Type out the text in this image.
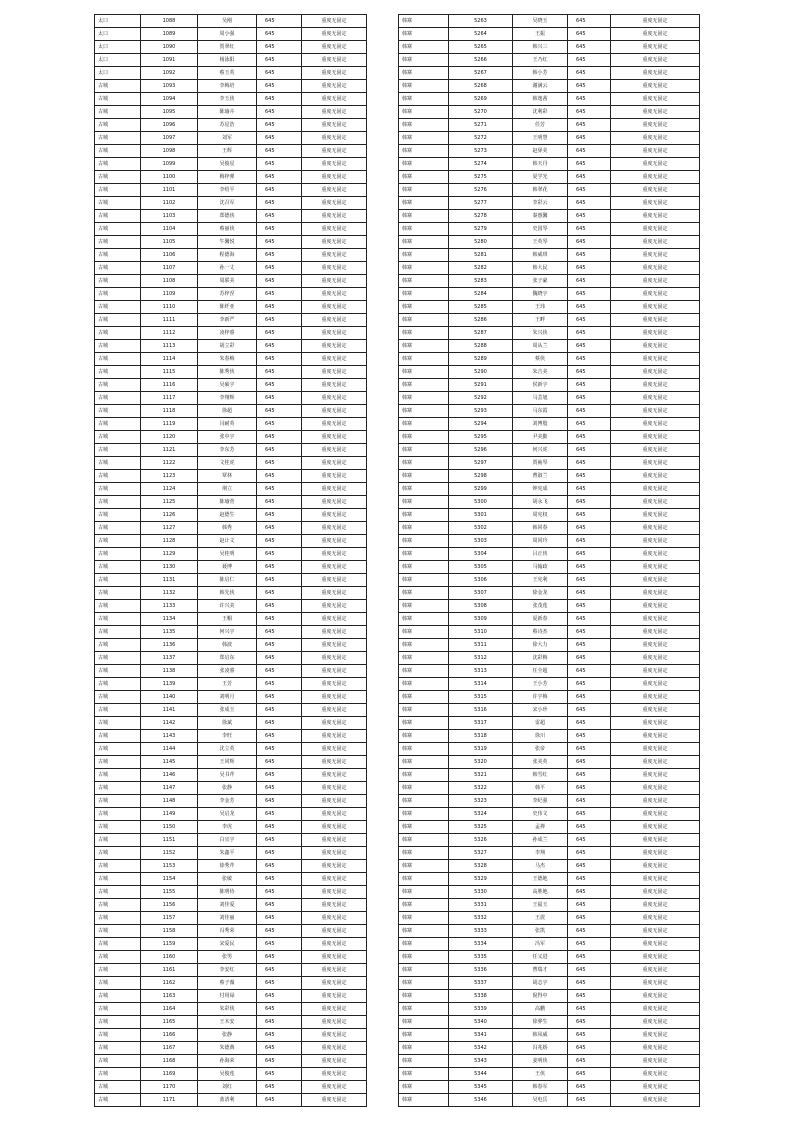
太口	1088	吴刚	645	重度无固定
太口	1089	周小强	645	重度无固定
太口	1090	贺翠红	645	重度无固定
太口	1091	杨泳阳	645	重度无固定
太口	1092	蔡玉英	645	重度无固定
古城	1093	李梅培	645	重度无固定
古城	1094	李玉侠	645	重度无固定
古城	1095	陈瑜卉	645	重度无固定
古城	1096	苏星浩	645	重度无固定
古城	1097	刘军	645	重度无固定
古城	1098	王辉	645	重度无固定
古城	1099	吴俊星	645	重度无固定
古城	1100	梅梓弹	645	重度无固定
古城	1101	李绍平	645	重度无固定
古城	1102	沈召军	645	重度无固定
古城	1103	郑德侠	645	重度无固定
古城	1104	蔡丽侠	645	重度无固定
古城	1105	牛馨悦	645	重度无固定
古城	1106	程德海	645	重度无固定
古城	1107	孙一丈	645	重度无固定
古城	1108	周联美	645	重度无固定
古城	1109	苏梓涅	645	重度无固定
古城	1110	陈纤亚	645	重度无固定
古城	1111	李新严	645	重度无固定
古城	1112	凌梓睿	645	重度无固定
古城	1113	胡立彩	645	重度无固定
古城	1114	朱春梅	645	重度无固定
古城	1115	陈秀侠	645	重度无固定
古城	1116	吴硕宇	645	重度无固定
古城	1117	李翔辉	645	重度无固定
古城	1118	徐超	645	重度无固定
古城	1119	闫耐英	645	重度无固定
古城	1120	张中宇	645	重度无固定
古城	1121	李东芳	645	重度无固定
古城	1122	文桂虎	645	重度无固定
古城	1123	覃林	645	重度无固定
古城	1124	荆立	645	重度无固定
古城	1125	陈瑜萱	645	重度无固定
古城	1126	赵德生	645	重度无固定
古城	1127	韩秀	645	重度无固定
古城	1128	赵计文	645	重度无固定
古城	1129	吴桂明	645	重度无固定
古城	1130	聂博	645	重度无固定
古城	1131	陈启仁	645	重度无固定
古城	1132	韩先侠	645	重度无固定
古城	1133	许兴美	645	重度无固定
古城	1134	王帽	645	重度无固定
古城	1135	何兴宇	645	重度无固定
古城	1136	韩波	645	重度无固定
古城	1137	郑启东	645	重度无固定
古城	1138	张凌睿	645	重度无固定
古城	1139	王芳	645	重度无固定
古城	1140	刘明月	645	重度无固定
古城	1141	张成玉	645	重度无固定
古城	1142	徐斌	645	重度无固定
古城	1143	李旺	645	重度无固定
古城	1144	沈立英	645	重度无固定
古城	1145	王同辉	645	重度无固定
古城	1146	吴书芹	645	重度无固定
古城	1147	张静	645	重度无固定
古城	1148	李金芳	645	重度无固定
古城	1149	吴启龙	645	重度无固定
古城	1150	李虎	645	重度无固定
古城	1151	白宜宇	645	重度无固定
古城	1152	朱鑫平	645	重度无固定
古城	1153	徐秀芹	645	重度无固定
古城	1154	张敏	645	重度无固定
古城	1155	陈明侍	645	重度无固定
古城	1156	刘佳爱	645	重度无固定
古城	1157	刘佳丽	645	重度无固定
古城	1158	冯秀荣	645	重度无固定
古城	1159	宋爱民	645	重度无固定
古城	1160	张男	645	重度无固定
古城	1161	李安红	645	重度无固定
古城	1162	蔡子薇	645	重度无固定
古城	1163	付用禄	645	重度无固定
古城	1164	朱彩侠	645	重度无固定
古城	1165	王木安	645	重度无固定
古城	1166	张静	645	重度无固定
古城	1167	朱德典	645	重度无固定
古城	1168	孙海荣	645	重度无固定
古城	1169	吴俊莲	645	重度无固定
古城	1170	刘红	645	重度无固定
古城	1171	蓝清利	645	重度无固定
韩寨	5263	吴晓玉	645	重度无固定
韩寨	5264	王振	645	重度无固定
韩寨	5265	韩兴三	645	重度无固定
韩寨	5266	王乃红	645	重度无固定
韩寨	5267	韩小芳	645	重度无固定
韩寨	5268	谢满云	645	重度无固定
韩寨	5269	韩逸茜	645	重度无固定
韩寨	5270	沈利彩	645	重度无固定
韩寨	5271	任芳	645	重度无固定
韩寨	5272	王明慧	645	重度无固定
韩寨	5273	赵驿美	645	重度无固定
韩寨	5274	韩天丹	645	重度无固定
韩寨	5275	夏学光	645	重度无固定
韩寨	5276	韩翠花	645	重度无固定
韩寨	5277	李彩云	645	重度无固定
韩寨	5278	秦惠馨	645	重度无固定
韩寨	5279	史国琴	645	重度无固定
韩寨	5280	王英琴	645	重度无固定
韩寨	5281	韩威琪	645	重度无固定
韩寨	5282	韩大民	645	重度无固定
韩寨	5283	张子豪	645	重度无固定
韩寨	5284	魏晓宇	645	重度无固定
韩寨	5285	王玮	645	重度无固定
韩寨	5286	王畔	645	重度无固定
韩寨	5287	朱兴侠	645	重度无固定
韩寨	5288	周从兰	645	重度无固定
韩寨	5289	蔡侠	645	重度无固定
韩寨	5290	朱吉美	645	重度无固定
韩寨	5291	侯新宇	645	重度无固定
韩寨	5292	马芸旭	645	重度无固定
韩寨	5293	马东霞	645	重度无固定
韩寨	5294	刘博殷	645	重度无固定
韩寨	5295	尹美勤	645	重度无固定
韩寨	5296	何兴虎	645	重度无固定
韩寨	5297	贾袖琴	645	重度无固定
韩寨	5298	曹淑兰	645	重度无固定
韩寨	5299	钟宪成	645	重度无固定
韩寨	5300	胡永飞	645	重度无固定
韩寨	5301	周宪权	645	重度无固定
韩寨	5302	韩同春	645	重度无固定
韩寨	5303	周同玲	645	重度无固定
韩寨	5304	吕正侠	645	重度无固定
韩寨	5305	马翰政	645	重度无固定
韩寨	5306	王宪利	645	重度无固定
韩寨	5307	徐金龙	645	重度无固定
韩寨	5308	张茂莲	645	重度无固定
韩寨	5309	夏新春	645	重度无固定
韩寨	5310	蔡诗杰	645	重度无固定
韩寨	5311	徐大力	645	重度无固定
韩寨	5312	沈彩梅	645	重度无固定
韩寨	5313	任全超	645	重度无固定
韩寨	5314	王小芳	645	重度无固定
韩寨	5315	许宇梅	645	重度无固定
韩寨	5316	宋小珍	645	重度无固定
韩寨	5317	雷超	645	重度无固定
韩寨	5318	徐川	645	重度无固定
韩寨	5319	张帝	645	重度无固定
韩寨	5320	张美英	645	重度无固定
韩寨	5321	韩雪红	645	重度无固定
韩寨	5322	韩平	645	重度无固定
韩寨	5323	李纪强	645	重度无固定
韩寨	5324	史伟文	645	重度无固定
韩寨	5325	孟禅	645	重度无固定
韩寨	5326	孙成兰	645	重度无固定
韩寨	5327	李翔	645	重度无固定
韩寨	5328	马杰	645	重度无固定
韩寨	5329	王德地	645	重度无固定
韩寨	5330	高胜地	645	重度无固定
韩寨	5331	王福玉	645	重度无固定
韩寨	5332	王震	645	重度无固定
韩寨	5333	张凯	645	重度无固定
韩寨	5334	冯军	645	重度无固定
韩寨	5335	任义进	645	重度无固定
韩寨	5336	曹瑞才	645	重度无固定
韩寨	5337	胡志宇	645	重度无固定
韩寨	5338	倪得中	645	重度无固定
韩寨	5339	高鹏	645	重度无固定
韩寨	5340	徐骅生	645	重度无固定
韩寨	5341	韩凤威	645	重度无固定
韩寨	5342	冯兆娇	645	重度无固定
韩寨	5343	姜明侠	645	重度无固定
韩寨	5344	王侠	645	重度无固定
韩寨	5345	韩春军	645	重度无固定
韩寨	5346	吴电岳	645	重度无固定
